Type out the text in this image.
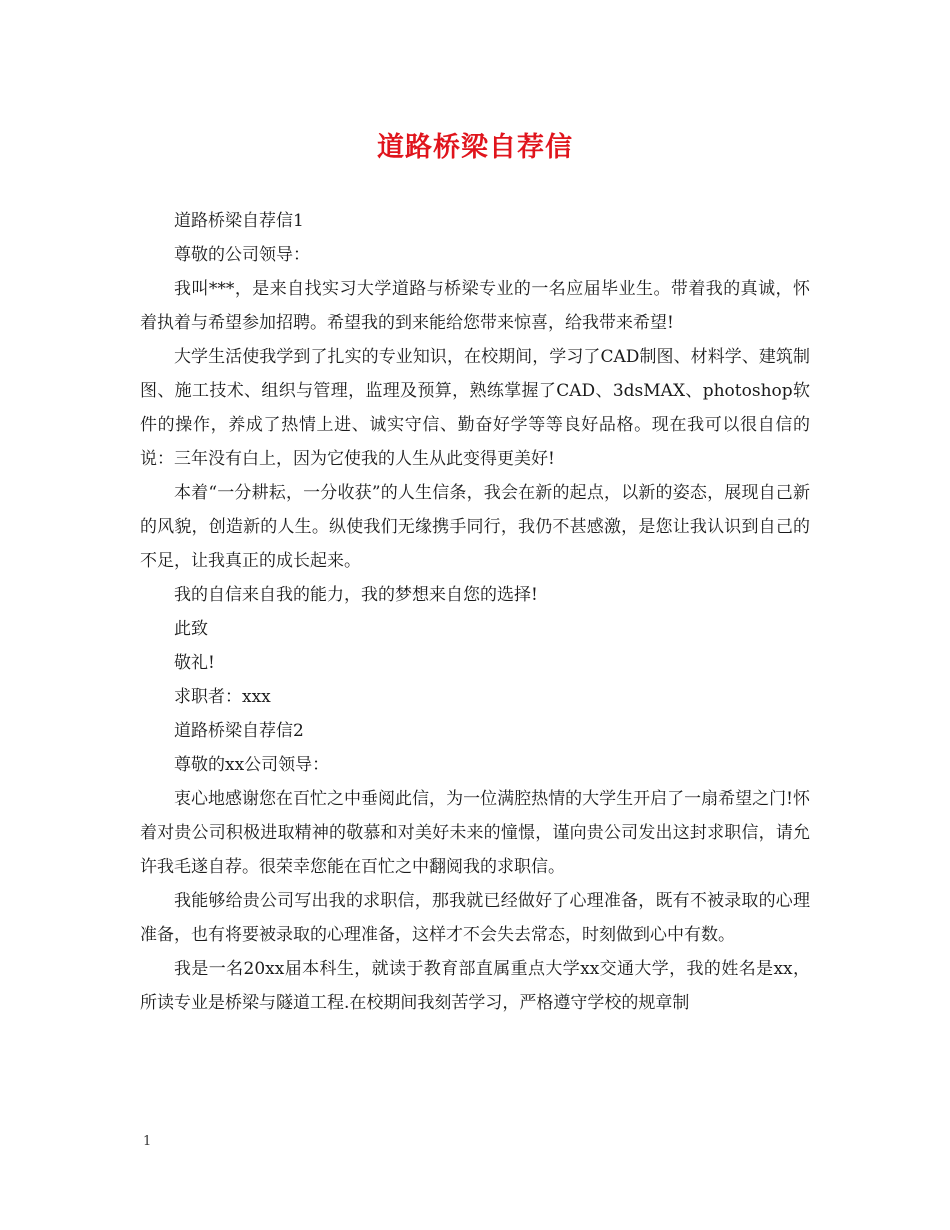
道路桥梁自荐信

道路桥梁自荐信1

尊敬的公司领导：

我叫***，是来自找实习大学道路与桥梁专业的一名应届毕业生。带着我的真诚，怀着执着与希望参加招聘。希望我的到来能给您带来惊喜，给我带来希望!

大学生活使我学到了扎实的专业知识，在校期间，学习了CAD制图、材料学、建筑制图、施工技术、组织与管理，监理及预算，熟练掌握了CAD、3dsMAX、photoshop软件的操作，养成了热情上进、诚实守信、勤奋好学等等良好品格。现在我可以很自信的说：三年没有白上，因为它使我的人生从此变得更美好!

本着“一分耕耘，一分收获”的人生信条，我会在新的起点，以新的姿态，展现自己新的风貌，创造新的人生。纵使我们无缘携手同行，我仍不甚感激，是您让我认识到自己的不足，让我真正的成长起来。

我的自信来自我的能力，我的梦想来自您的选择!

此致

敬礼!

求职者：xxx

道路桥梁自荐信2

尊敬的xx公司领导：

衷心地感谢您在百忙之中垂阅此信，为一位满腔热情的大学生开启了一扇希望之门!怀着对贵公司积极进取精神的敬慕和对美好未来的憧憬，谨向贵公司发出这封求职信，请允许我毛遂自荐。很荣幸您能在百忙之中翻阅我的求职信。

我能够给贵公司写出我的求职信，那我就已经做好了心理准备，既有不被录取的心理准备，也有将要被录取的心理准备，这样才不会失去常态，时刻做到心中有数。

我是一名20xx届本科生，就读于教育部直属重点大学xx交通大学，我的姓名是xx，所读专业是桥梁与隧道工程.在校期间我刻苦学习，严格遵守学校的规章制

1
